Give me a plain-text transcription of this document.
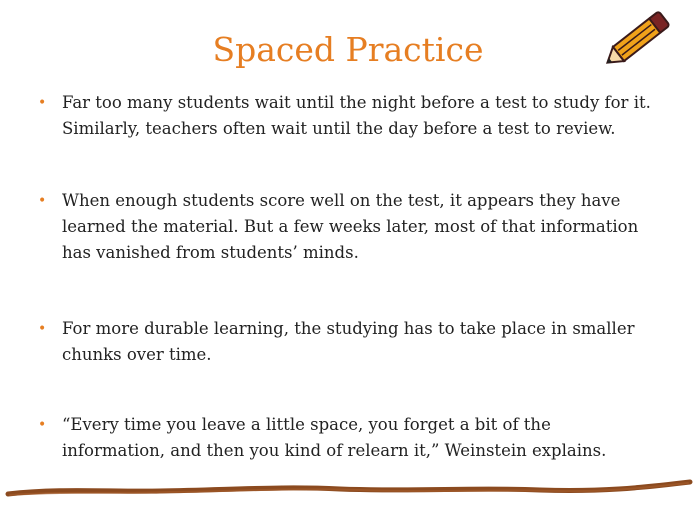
Spaced Practice
• Far too many students wait until the night before a test to study for it. Similarly, teachers often wait until the day before a test to review.
• When enough students score well on the test, it appears they have learned the material. But a few weeks later, most of that information has vanished from students’ minds.
• For more durable learning, the studying has to take place in smaller chunks over time.
• “Every time you leave a little space, you forget a bit of the information, and then you kind of relearn it,” Weinstein explains.
